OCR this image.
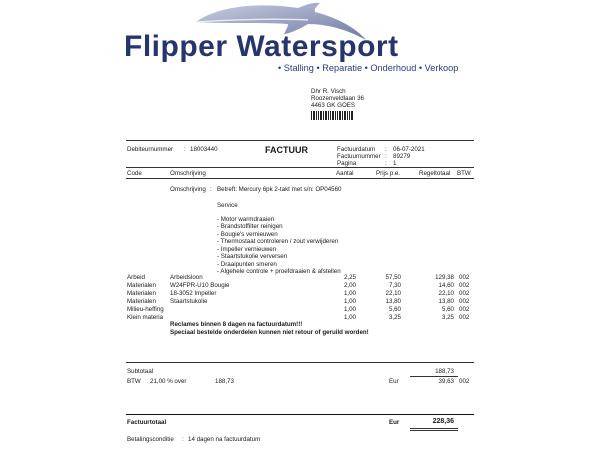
Flipper Watersport
• Stalling • Reparatie • Onderhoud • Verkoop
Dhr R. Visch
Roozenveldlaan 36
4463 GK GOES
Debiteurnummer : 18003440	FACTUUR	Factuurdatum : 06-07-2021
Factuurnummer : 89279
Pagina	: 1
Code	Omschrijving	Aantal	Prijs p.e.	Regeltotaal BTW
Omschrijving : Betreft: Mercury 6pk 2-takt met s/n: OP04560
Service
- Motor warmdraaien
- Brandstoffilter reinigen
- Bougie's vernieuwen
- Thermostaat controleren / zout verwijderen
- Impeller vernieuwen
- Staartstukolie verversen
- Draaipunten smeren
- Algehele controle + proefdraaien & afstellen
Arbeid	Arbeidsloon	2,25	57,50	129,38 002
Materialen W24FPR-U10 Bougie	2,00	7,30	14,60 002
Materialen 18-3052 Impeller	1,00	22,10	22,10 002
Materialen Staartstukolie	1,00	13,80	13,80 002
Milieu-heffing	1,00	5,60	5,60 002
Klein materia	1,00	3,25	3,25 002
Reclames binnen 8 dagen na factuurdatum!!!
Speciaal bestelde onderdelen kunnen niet retour of geruild worden!
Subtotaal	188,73
BTW 21,00 % over	188,73	Eur	39,63 002
Factuurtotaal	Eur	228,36
Betalingsconditie : 14 dagen na factuurdatum
